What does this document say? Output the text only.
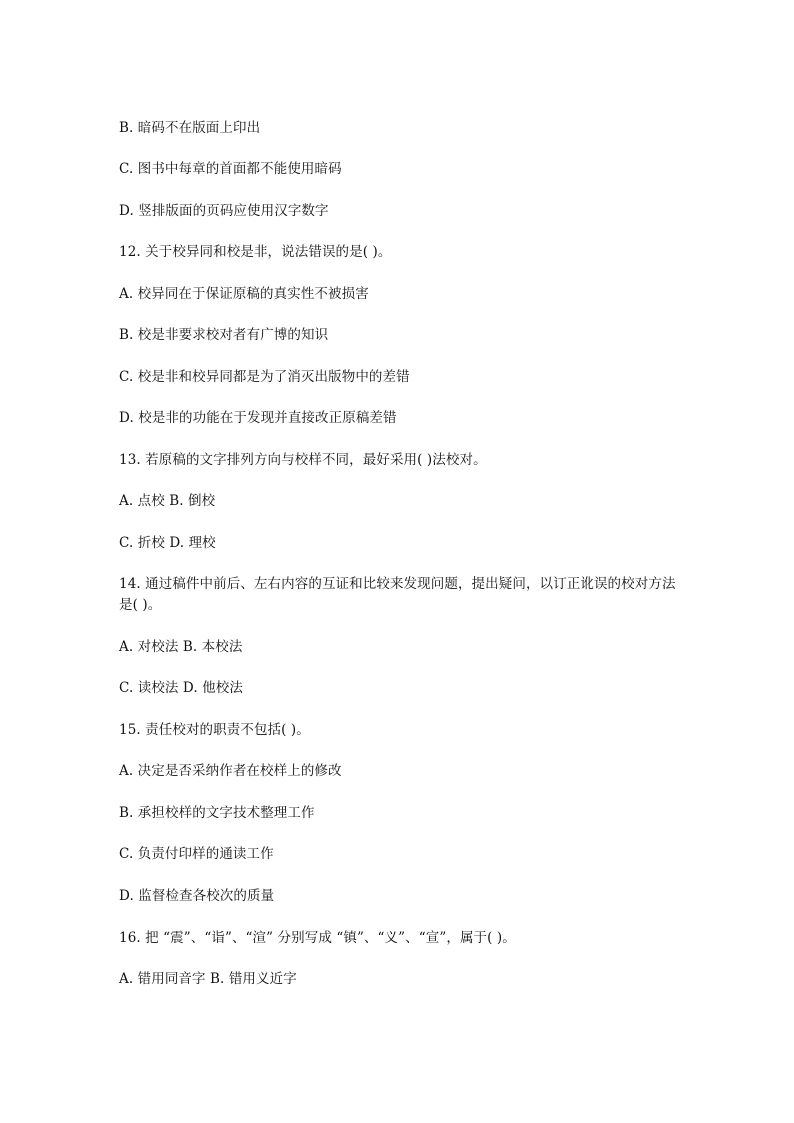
B. 暗码不在版面上印出
C. 图书中每章的首面都不能使用暗码
D. 竖排版面的页码应使用汉字数字
12. 关于校异同和校是非，说法错误的是( )。
A. 校异同在于保证原稿的真实性不被损害
B. 校是非要求校对者有广博的知识
C. 校是非和校异同都是为了消灭出版物中的差错
D. 校是非的功能在于发现并直接改正原稿差错
13. 若原稿的文字排列方向与校样不同，最好采用( )法校对。
A. 点校 B. 倒校
C. 折校 D. 理校
14. 通过稿件中前后、左右内容的互证和比较来发现问题，提出疑问，以订正讹误的校对方法是( )。
A. 对校法 B. 本校法
C. 读校法 D. 他校法
15. 责任校对的职责不包括( )。
A. 决定是否采纳作者在校样上的修改
B. 承担校样的文字技术整理工作
C. 负责付印样的通读工作
D. 监督检查各校次的质量
16. 把 “震”、“诣”、“渲” 分别写成 “镇”、“义”、“宣”，属于( )。
A. 错用同音字 B. 错用义近字
